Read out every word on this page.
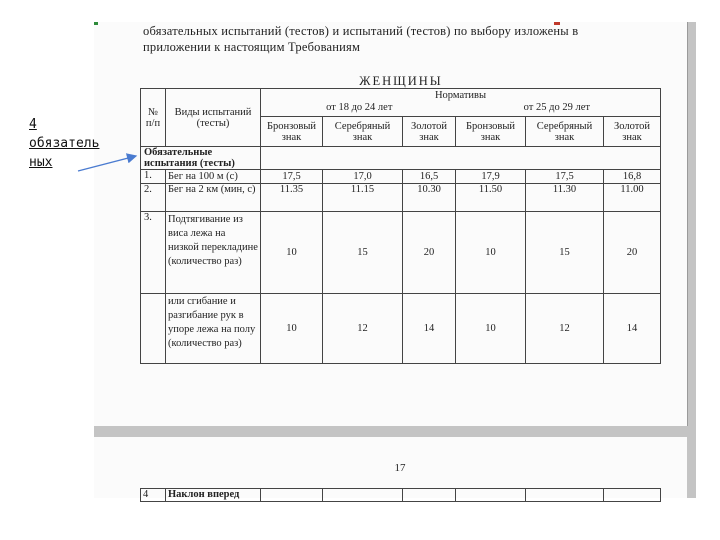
обязательных испытаний (тестов) и испытаний (тестов) по выбору изложены в
приложении к настоящим Требованиям
ЖЕНЩИНЫ
№ п/п	Виды испытаний (тесты)	Нормативы
от 18 до 24 лет от 25 до 29 лет					

		Бронзовый знак	Серебряный знак	Золотой знак	Бронзовый знак	Серебряный знак	Золотой знак
Обязательные испытания (тесты)							
1.	Бег на 100 м (с)	17,5	17,0	16,5	17,9	17,5	16,8
2.	Бег на 2 км (мин, с)	11.35	11.15	10.30	11.50	11.30	11.00
3.	Подтягивание из виса лежа на низкой перекладине (количество раз)	10	15	20	10	15	20
	или сгибание и разгибание рук в упоре лежа на полу (количество раз)	10	12	14	10	12	14
17
4	Наклон вперед						
4
обязатель
ных
